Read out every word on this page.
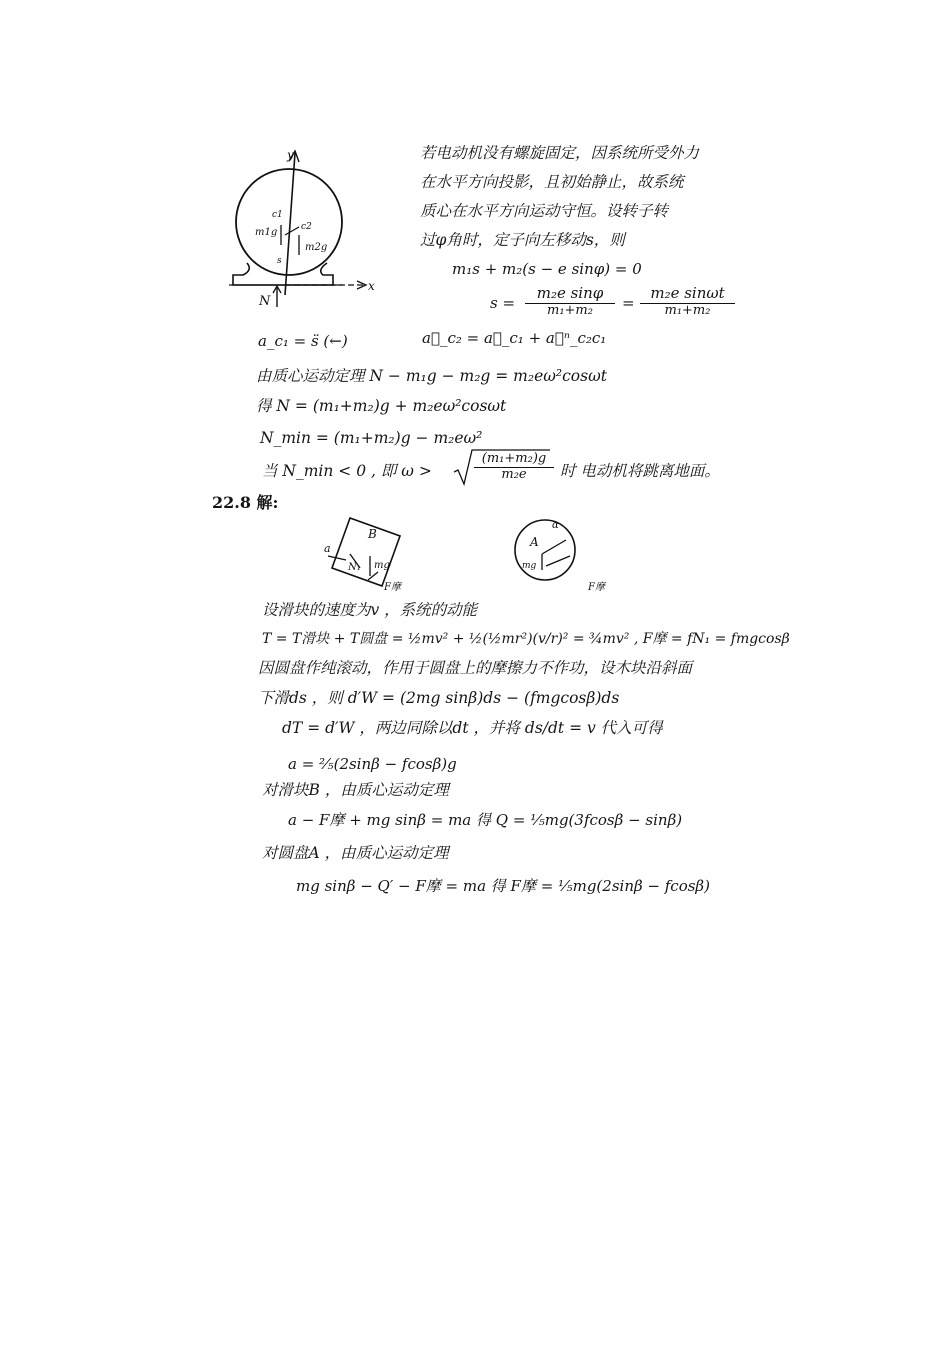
y
x
c1
c2
m1g
m2g
s
N
若电动机没有螺旋固定，因系统所受外力
在水平方向投影，且初始静止，故系统
质心在水平方向运动守恒。设转子转
过φ角时，定子向左移动s，则
m₁s + m₂(s − e sinφ) = 0
$s = \frac{\text{m₂e sinφ}}{\text{m₁+m₂}} = \frac{\text{m₂e sinωt}}{\text{m₁+m₂}}$
a_c₁ = s̈ (←)	a⃗_c₂ = a⃗_c₁ + a⃗ⁿ_c₂c₁
由质心运动定理 N − m₁g − m₂g = m₂eω²cosωt
得 N = (m₁+m₂)g + m₂eω²cosωt
N_min = (m₁+m₂)g − m₂eω²
当 N_min < 0 , 即 ω >	$\frac{\text{(m₁+m₂)g}}{\text{m₂e}}$ 时 电动机将跳离地面。
22.8 解:
B
a
N₁ mg
F摩
A
α
mg
F摩
设滑块的速度为v ，系统的动能
T = T滑块 + T圆盘 = ½mv² + ½(½mr²)(v/r)² = ¾mv² , F摩 = fN₁ = fmgcosβ
因圆盘作纯滚动，作用于圆盘上的摩擦力不作功，设木块沿斜面
下滑ds ，则 d′W = (2mg sinβ)ds − (fmgcosβ)ds
dT = d′W ，两边同除以dt ，并将 ds/dt = v 代入可得
a = ⅖(2sinβ − fcosβ)g
对滑块B ，由质心运动定理
a − F摩 + mg sinβ = ma 得 Q = ⅕mg(3fcosβ − sinβ)
对圆盘A ，由质心运动定理
mg sinβ − Q′ − F摩 = ma 得 F摩 = ⅕mg(2sinβ − fcosβ)
